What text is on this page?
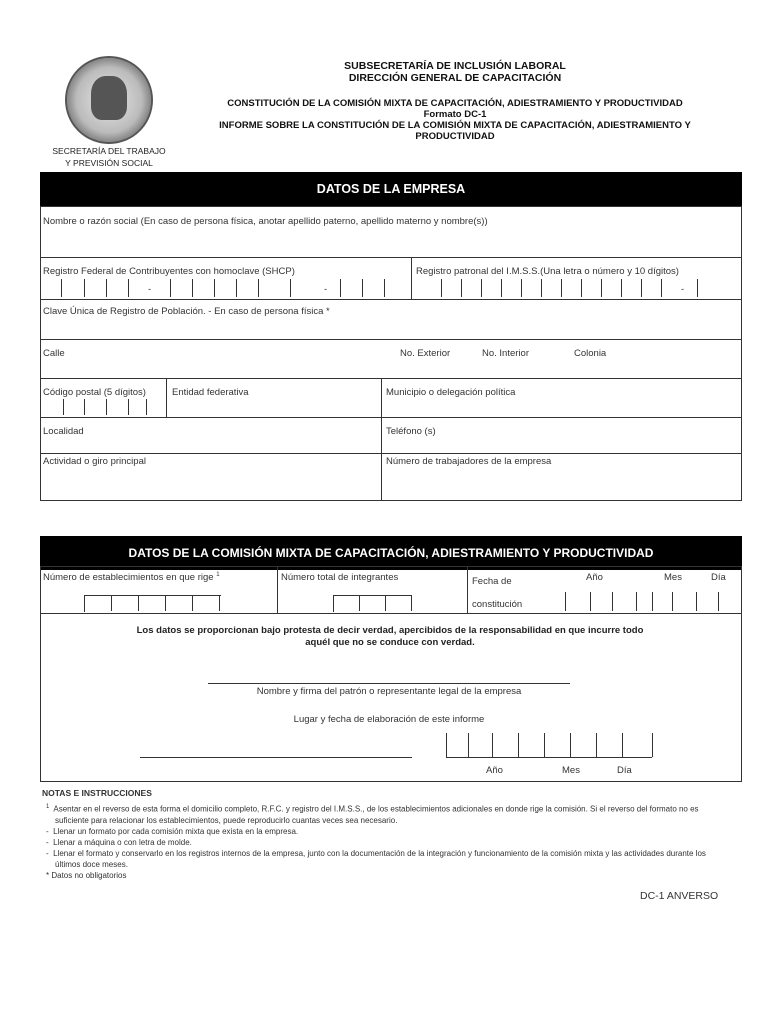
SECRETARÍA DEL TRABAJO
Y PREVISIÓN SOCIAL
SUBSECRETARÍA DE INCLUSIÓN LABORAL
DIRECCIÓN GENERAL DE CAPACITACIÓN
CONSTITUCIÓN DE LA COMISIÓN MIXTA DE CAPACITACIÓN, ADIESTRAMIENTO Y PRODUCTIVIDAD
Formato DC-1
INFORME SOBRE LA CONSTITUCIÓN DE LA COMISIÓN MIXTA DE CAPACITACIÓN, ADIESTRAMIENTO Y
PRODUCTIVIDAD
DATOS DE LA EMPRESA
Nombre o razón social (En caso de persona física, anotar apellido paterno, apellido materno y nombre(s))
Registro Federal de Contribuyentes con homoclave (SHCP)	Registro patronal del I.M.S.S.(Una letra o número y 10 dígitos)
Clave Única de Registro de Población. - En caso de persona física *
Calle	No. Exterior	No. Interior	Colonia
Código postal (5 dígitos)	Entidad federativa	Municipio o delegación política
Localidad	Teléfono (s)
Actividad o giro principal	Número de trabajadores de la empresa
-	-	-
DATOS DE LA COMISIÓN MIXTA DE CAPACITACIÓN, ADIESTRAMIENTO Y PRODUCTIVIDAD
Número de establecimientos en que rige $^1$	Número total de integrantes	Fecha de
constitución
Año	Mes	Día
Los datos se proporcionan bajo protesta de decir verdad, apercibidos de la responsabilidad en que incurre todo
aquél que no se conduce con verdad.
Nombre y firma del patrón o representante legal de la empresa
Lugar y fecha de elaboración de este informe
Año	Mes	Día
NOTAS E INSTRUCCIONES
$^1$ Asentar en el reverso de esta forma el domicilio completo, R.F.C. y registro del I.M.S.S., de los establecimientos adicionales en donde rige la comisión. Si el reverso del formato no es
suficiente para relacionar los establecimientos, puede reproducirlo cuantas veces sea necesario.
- Llenar un formato por cada comisión mixta que exista en la empresa.
- Llenar a máquina o con letra de molde.
- Llenar el formato y conservarlo en los registros internos de la empresa, junto con la documentación de la integración y funcionamiento de la comisión mixta y las actividades durante los
últimos doce meses.
* Datos no obligatorios
DC-1 ANVERSO
